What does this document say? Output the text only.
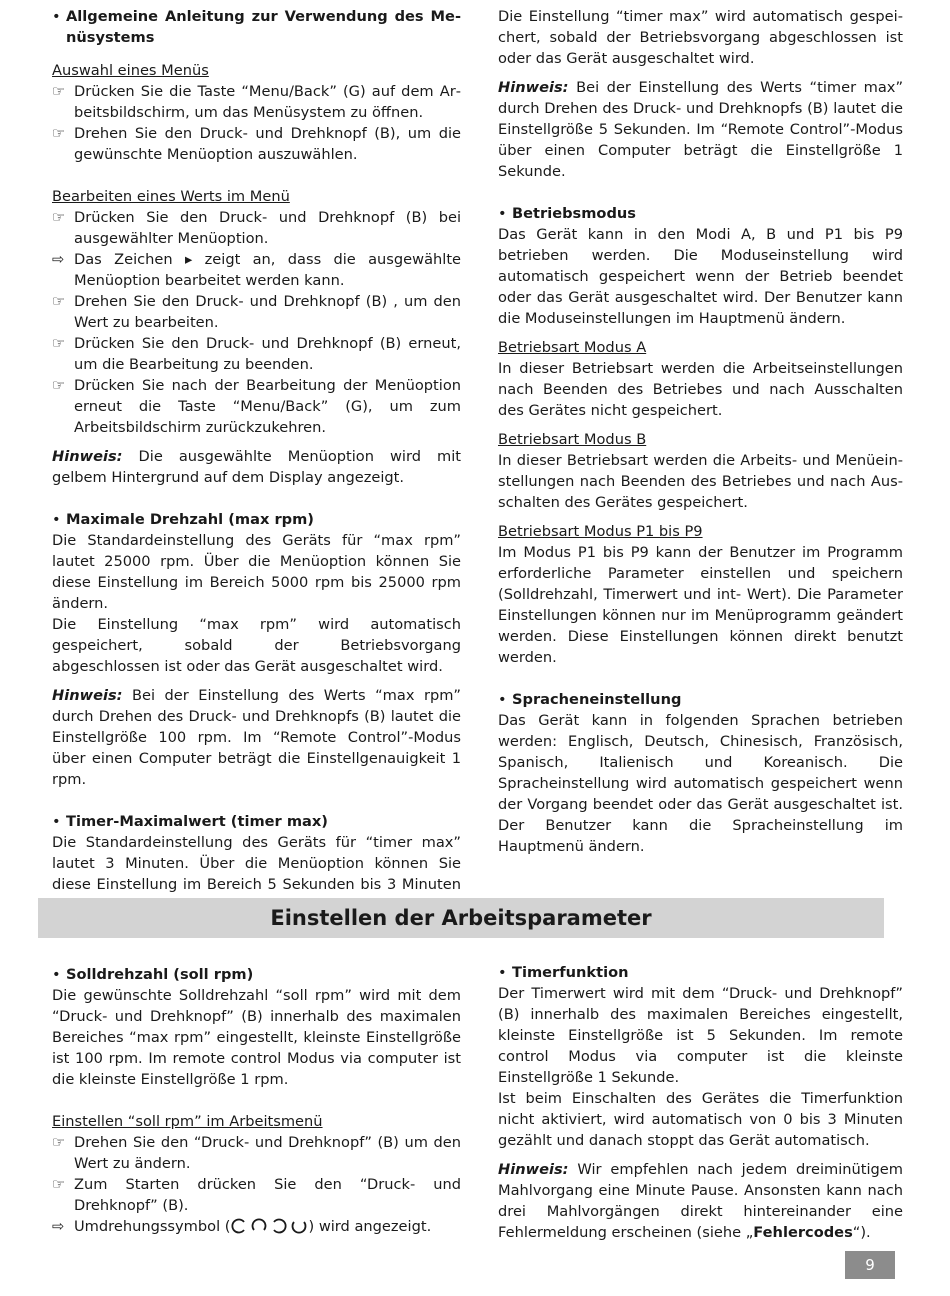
• Allgemeine Anleitung zur Verwendung des Menüsystems

Auswahl eines Menüs

☞ Drücken Sie die Taste “Menu/Back” (G) auf dem Arbeitsbildschirm, um das Menüsystem zu öffnen.

☞ Drehen Sie den Druck- und Drehknopf (B), um die gewünschte Menüoption auszuwählen.

Bearbeiten eines Werts im Menü

☞ Drücken Sie den Druck- und Drehknopf (B) bei ausgewählter Menüoption.

⇨ Das Zeichen ▸ zeigt an, dass die ausgewählte Menüoption bearbeitet werden kann.

☞ Drehen Sie den Druck- und Drehknopf (B) , um den Wert zu bearbeiten.

☞ Drücken Sie den Druck- und Drehknopf (B) erneut, um die Bearbeitung zu beenden.

☞ Drücken Sie nach der Bearbeitung der Menüoption erneut die Taste “Menu/Back” (G), um zum Arbeitsbildschirm zurückzukehren.

Hinweis: Die ausgewählte Menüoption wird mit gelbem Hintergrund auf dem Display angezeigt.

• Maximale Drehzahl (max rpm)

Die Standardeinstellung des Geräts für “max rpm” lautet 25000 rpm. Über die Menüoption können Sie diese Einstellung im Bereich 5000 rpm bis 25000 rpm ändern.

Die Einstellung “max rpm” wird automatisch gespeichert, sobald der Betriebsvorgang abgeschlossen ist oder das Gerät ausgeschaltet wird.

Hinweis: Bei der Einstellung des Werts “max rpm” durch Drehen des Druck- und Drehknopfs (B) lautet die Einstellgröße 100 rpm. Im “Remote Control”-Modus über einen Computer beträgt die Einstellgenauigkeit 1 rpm.

• Timer-Maximalwert (timer max)

Die Standardeinstellung des Geräts für “timer max” lautet 3 Minuten. Über die Menüoption können Sie diese Einstellung im Bereich 5 Sekunden bis 3 Minuten

Die Einstellung “timer max” wird automatisch gespeichert, sobald der Betriebsvorgang abgeschlossen ist oder das Gerät ausgeschaltet wird.

Hinweis: Bei der Einstellung des Werts “timer max” durch Drehen des Druck- und Drehknopfs (B) lautet die Einstellgröße 5 Sekunden. Im “Remote Control”-Modus über einen Computer beträgt die Einstellgröße 1 Sekunde.

• Betriebsmodus

Das Gerät kann in den Modi A, B und P1 bis P9 betrieben werden. Die Moduseinstellung wird automatisch gespeichert wenn der Betrieb beendet oder das Gerät ausgeschaltet wird. Der Benutzer kann die Moduseinstellungen im Hauptmenü ändern.

Betriebsart Modus A

In dieser Betriebsart werden die Arbeitseinstellungen nach Beenden des Betriebes und nach Ausschalten des Gerätes nicht gespeichert.

Betriebsart Modus B

In dieser Betriebsart werden die Arbeits- und Menüeinstellungen nach Beenden des Betriebes und nach Ausschalten des Gerätes gespeichert.

Betriebsart Modus P1 bis P9

Im Modus P1 bis P9 kann der Benutzer im Programm erforderliche Parameter einstellen und speichern (Solldrehzahl, Timerwert und int- Wert). Die Parameter Einstellungen können nur im Menüprogramm geändert werden. Diese Einstellungen können direkt benutzt werden.

• Spracheneinstellung

Das Gerät kann in folgenden Sprachen betrieben werden: Englisch, Deutsch, Chinesisch, Französisch, Spanisch, Italienisch und Koreanisch. Die Spracheinstellung wird automatisch gespeichert wenn der Vorgang beendet oder das Gerät ausgeschaltet ist. Der Benutzer kann die Spracheinstellung im Hauptmenü ändern.

Einstellen der Arbeitsparameter

• Solldrehzahl (soll rpm)

Die gewünschte Solldrehzahl “soll rpm” wird mit dem “Druck- und Drehknopf” (B) innerhalb des maximalen Bereiches “max rpm” eingestellt, kleinste Einstellgröße ist 100 rpm. Im remote control Modus via computer ist die kleinste Einstellgröße 1 rpm.

Einstellen “soll rpm” im Arbeitsmenü

☞ Drehen Sie den “Druck- und Drehknopf” (B) um den Wert zu ändern.

☞ Zum Starten drücken Sie den “Druck- und Drehknopf” (B).

⇨ Umdrehungssymbol (	) wird angezeigt.

• Timerfunktion

Der Timerwert wird mit dem “Druck- und Drehknopf” (B) innerhalb des maximalen Bereiches eingestellt, kleinste Einstellgröße ist 5 Sekunden. Im remote control Modus via computer ist die kleinste Einstellgröße 1 Sekunde.

Ist beim Einschalten des Gerätes die Timerfunktion nicht aktiviert, wird automatisch von 0 bis 3 Minuten gezählt und danach stoppt das Gerät automatisch.

Hinweis: Wir empfehlen nach jedem dreiminütigem Mahlvorgang eine Minute Pause. Ansonsten kann nach drei Mahlvorgängen direkt hintereinander eine Fehlermeldung erscheinen (siehe „Fehlercodes“).

9
